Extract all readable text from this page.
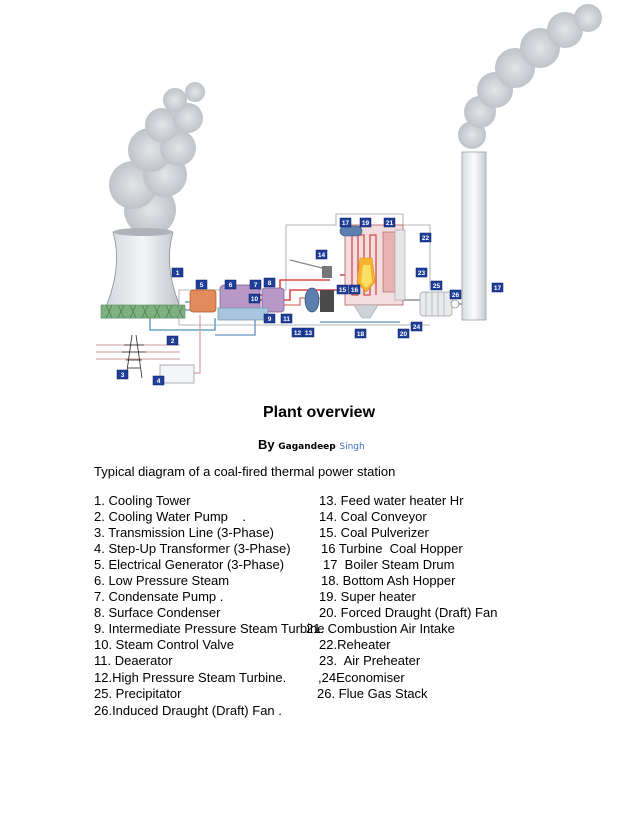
1
2
3
4
5	6	7 8
9
10
11
12 13
14
15 16
17
18
19
20
21
22
23
24
25
26
17
Plant overview
By Gagandeep Singh
Typical diagram of a coal-fired thermal power station
1. Cooling Tower
2. Cooling Water Pump    .
3. Transmission Line (3-Phase)
4. Step-Up Transformer (3-Phase)
5. Electrical Generator (3-Phase)
6. Low Pressure Steam
7. Condensate Pump .
8. Surface Condenser
9. Intermediate Pressure Steam Turbine
10. Steam Control Valve
11. Deaerator
12.High Pressure Steam Turbine.
25. Precipitator
26.Induced Draught (Draft) Fan .
13. Feed water heater Hr
14. Coal Conveyor
15. Coal Pulverizer
16 Turbine  Coal Hopper
17  Boiler Steam Drum
18. Bottom Ash Hopper
19. Super heater
20. Forced Draught (Draft) Fan
21. Combustion Air Intake
22.Reheater
23.  Air Preheater
,24Economiser
26. Flue Gas Stack
